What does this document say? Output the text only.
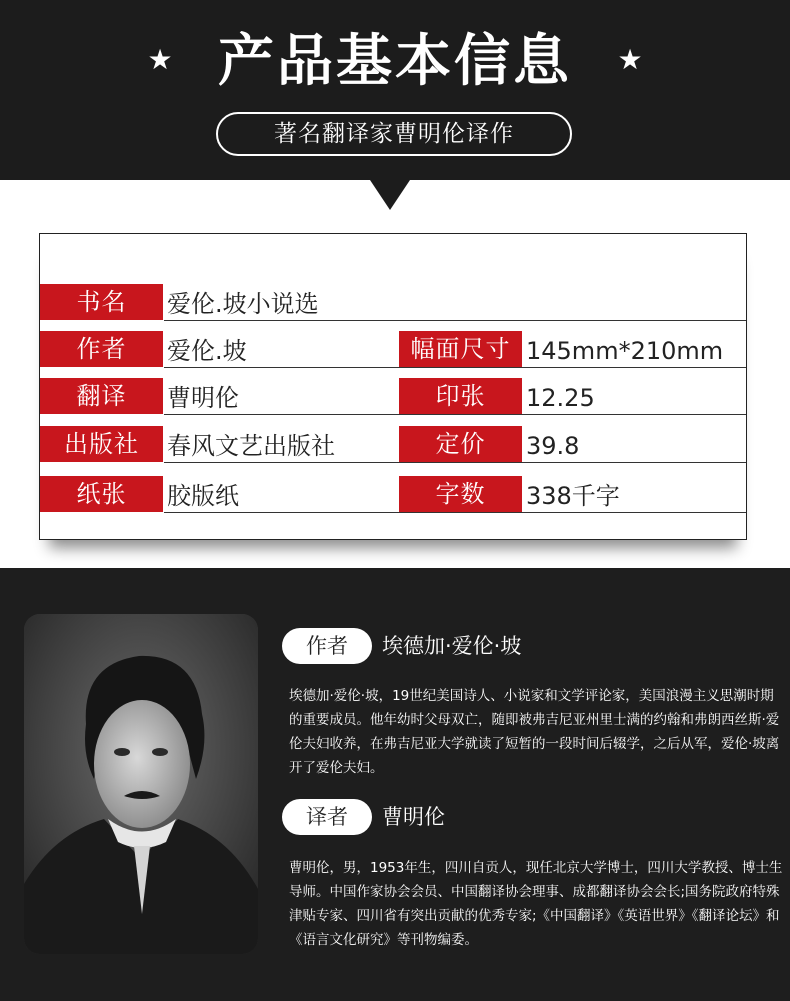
★ 产品基本信息	★
著名翻译家曹明伦译作
书名	爱伦.坡小说选
作者	爱伦.坡	幅面尺寸 145mm*210mm
翻译	曹明伦	印张	12.25
出版社	春风文艺出版社	定价	39.8
纸张	胶版纸	字数	338千字
作者	埃德加·爱伦·坡
埃德加·爱伦·坡，19世纪美国诗人、小说家和文学评论家，美国浪漫主义思潮时期的重要成员。他年幼时父母双亡，随即被弗吉尼亚州里士满的约翰和弗朗西丝斯·爱伦夫妇收养，在弗吉尼亚大学就读了短暂的一段时间后辍学，之后从军，爱伦·坡离开了爱伦夫妇。
译者	曹明伦
曹明伦，男，1953年生，四川自贡人，现任北京大学博士，四川大学教授、博士生导师。中国作家协会会员、中国翻译协会理事、成都翻译协会会长;国务院政府特殊津贴专家、四川省有突出贡献的优秀专家;《中国翻译》《英语世界》《翻译论坛》和《语言文化研究》等刊物编委。
